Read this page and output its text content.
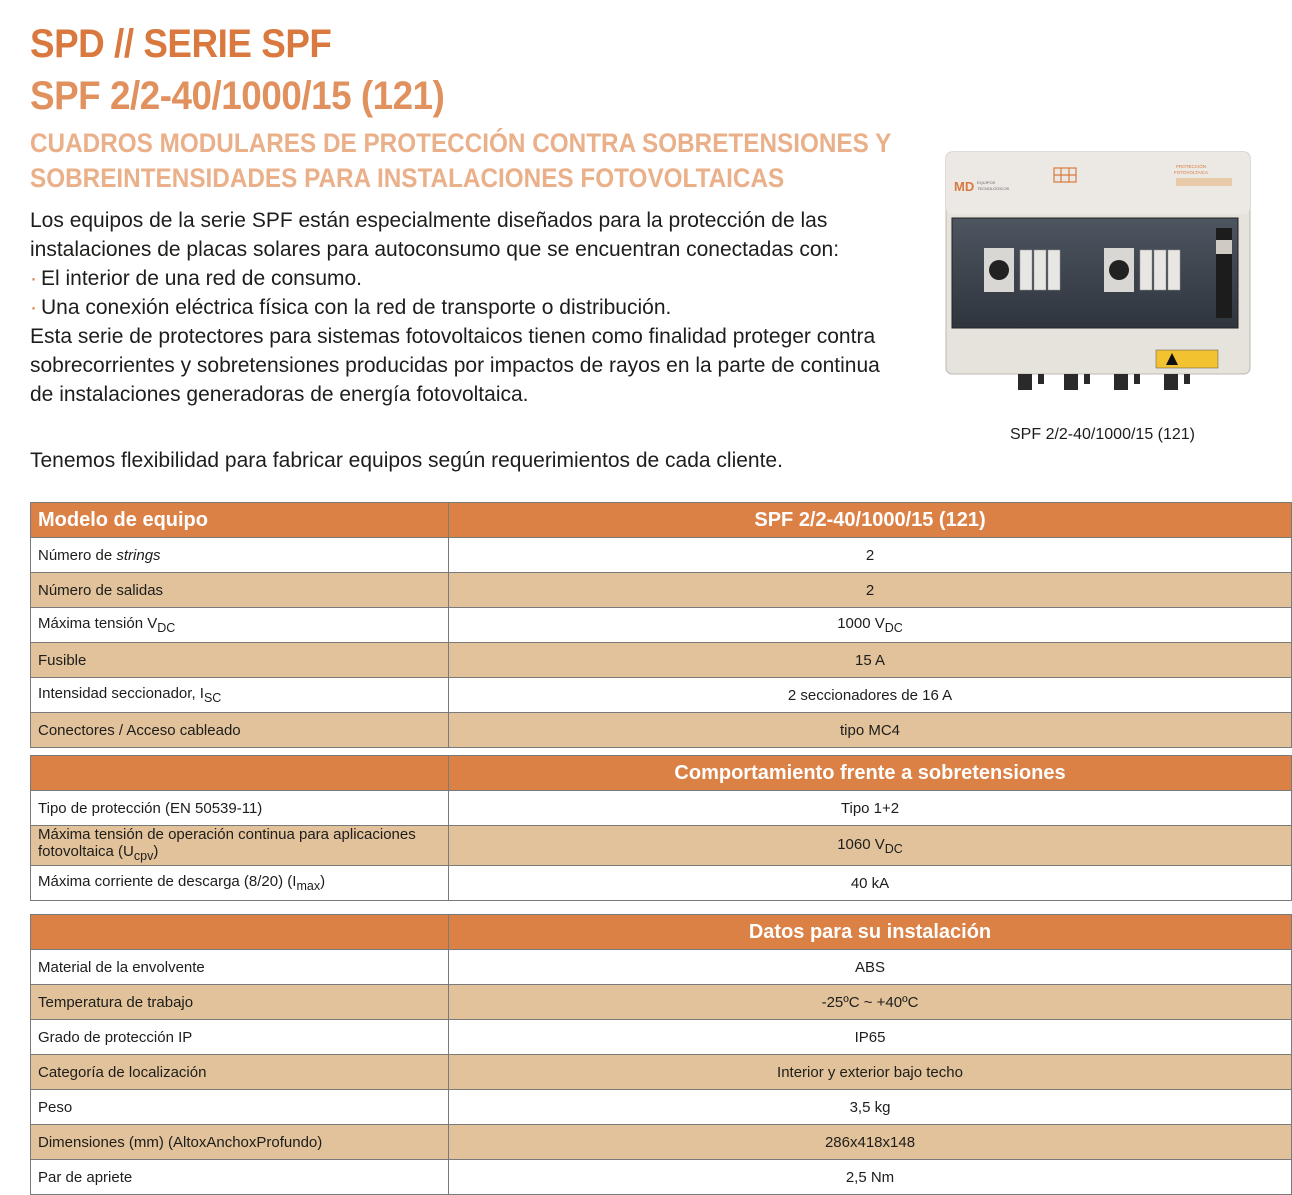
SPD // SERIE SPF
SPF 2/2-40/1000/15 (121)
CUADROS MODULARES DE PROTECCIÓN CONTRA SOBRETENSIONES Y
SOBREINTENSIDADES PARA INSTALACIONES FOTOVOLTAICAS

Los equipos de la serie SPF están especialmente diseñados para la protección de las

instalaciones de placas solares para autoconsumo que se encuentran conectadas con:

· El interior de una red de consumo.

· Una conexión eléctrica física con la red de transporte o distribución.

Esta serie de protectores para sistemas fotovoltaicos tienen como finalidad proteger contra

sobrecorrientes y sobretensiones producidas por impactos de rayos en la parte de continua

de instalaciones generadoras de energía fotovoltaica.

Tenemos flexibilidad para fabricar equipos según requerimientos de cada cliente.

MD EQUIPOS
TECNOLÓGICOS
PROTECCIÓN
FOTOVOLTAICA

SPF 2/2-40/1000/15 (121)

Modelo de equipo	SPF 2/2-40/1000/15 (121)
Número de strings	2
Número de salidas	2
Máxima tensión $V_{DC}$	1000 $V_{DC}$
Fusible	15 A
Intensidad seccionador, $I_{SC}$	2 seccionadores de 16 A
Conectores / Acceso cableado	tipo MC4
	Comportamiento frente a sobretensiones
Tipo de protección (EN 50539-11)	Tipo 1+2
Máxima tensión de operación continua para aplicaciones
fotovoltaica $(U_{cpv})$	1060 $V_{DC}$
Máxima corriente de descarga (8/20) $(I_{max})$	40 kA
	Datos para su instalación
Material de la envolvente	ABS
Temperatura de trabajo	-25ºC ~ +40ºC
Grado de protección IP	IP65
Categoría de localización	Interior y exterior bajo techo
Peso	3,5 kg
Dimensiones (mm) (AltoxAnchoxProfundo)	286x418x148
Par de apriete	2,5 Nm
